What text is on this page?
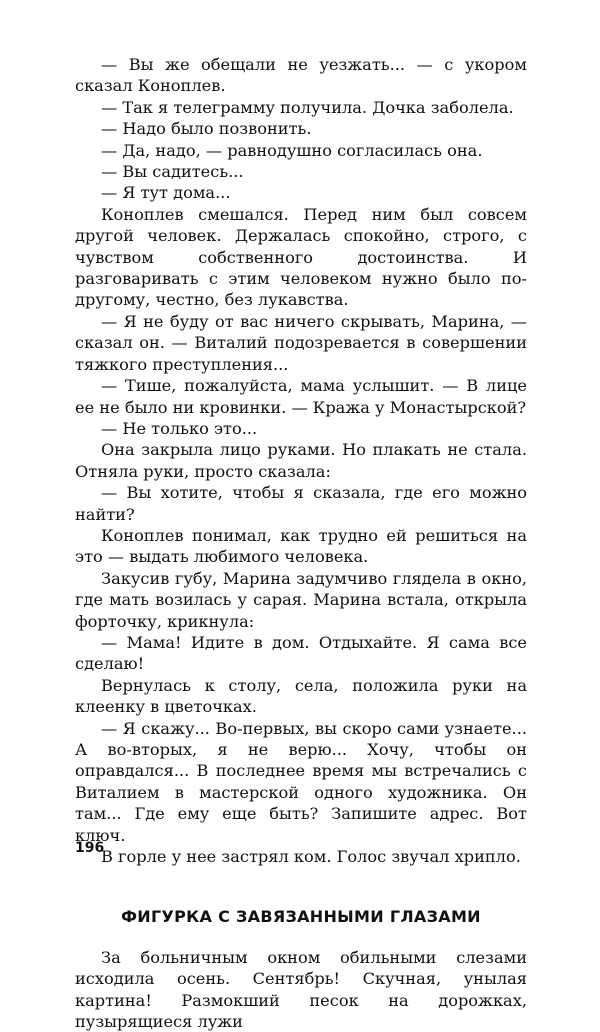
— Вы же обещали не уезжать... — с укором сказал Коноплев.

— Так я телеграмму получила. Дочка заболела.

— Надо было позвонить.

— Да, надо, — равнодушно согласилась она.

— Вы садитесь...

— Я тут дома...

Коноплев смешался. Перед ним был совсем другой человек. Держалась спокойно, строго, с чувством собственного достоинства. И разговаривать с этим человеком нужно было по-другому, честно, без лукавства.

— Я не буду от вас ничего скрывать, Марина, — сказал он. — Виталий подозревается в совершении тяжкого преступления...

— Тише, пожалуйста, мама услышит. — В лице ее не было ни кровинки. — Кража у Монастырской?

— Не только это...

Она закрыла лицо руками. Но плакать не стала. Отняла руки, просто сказала:

— Вы хотите, чтобы я сказала, где его можно найти?

Коноплев понимал, как трудно ей решиться на это — выдать любимого человека.

Закусив губу, Марина задумчиво глядела в окно, где мать возилась у сарая. Марина встала, открыла форточку, крикнула:

— Мама! Идите в дом. Отдыхайте. Я сама все сделаю!

Вернулась к столу, села, положила руки на клеенку в цветочках.

— Я скажу... Во-первых, вы скоро сами узнаете... А во-вторых, я не верю... Хочу, чтобы он оправдался... В последнее время мы встречались с Виталием в мастерской одного художника. Он там... Где ему еще быть? Запишите адрес. Вот ключ.

В горле у нее застрял ком. Голос звучал хрипло.

ФИГУРКА С ЗАВЯЗАННЫМИ ГЛАЗАМИ

За больничным окном обильными слезами исходила осень. Сентябрь! Скучная, унылая картина! Размокший песок на дорожках, пузырящиеся лужи

196
